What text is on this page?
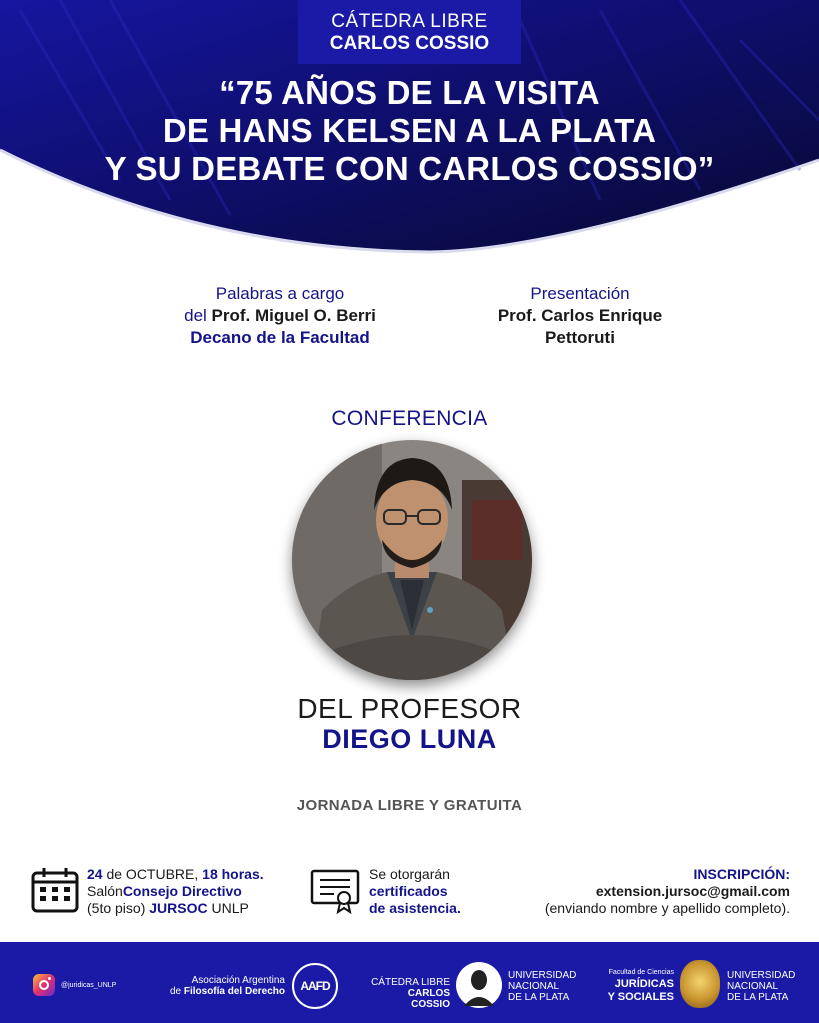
CÁTEDRA LIBRE
CARLOS COSSIO
“75 AÑOS DE LA VISITA
DE HANS KELSEN A LA PLATA
Y SU DEBATE CON CARLOS COSSIO”
Palabras a cargo
del Prof. Miguel O. Berri
Decano de la Facultad
Presentación
Prof. Carlos Enrique
Pettoruti
CONFERENCIA
DEL PROFESOR
DIEGO LUNA
JORNADA LIBRE Y GRATUITA
24 de OCTUBRE, 18 horas.
SalónConsejo Directivo
(5to piso) JURSOC UNLP
Se otorgarán
certificados
de asistencia.
INSCRIPCIÓN:
extension.jursoc@gmail.com
(enviando nombre y apellido completo).
@juridicas_UNLP	Asociación Argentina
de Filosofía del Derecho	AAFD	CÁTEDRA LIBRE
CARLOS COSSIO
UNIVERSIDAD
NACIONAL
DE LA PLATA
Facultad de Ciencias
JURÍDICAS
Y SOCIALES
UNIVERSIDAD
NACIONAL
DE LA PLATA
